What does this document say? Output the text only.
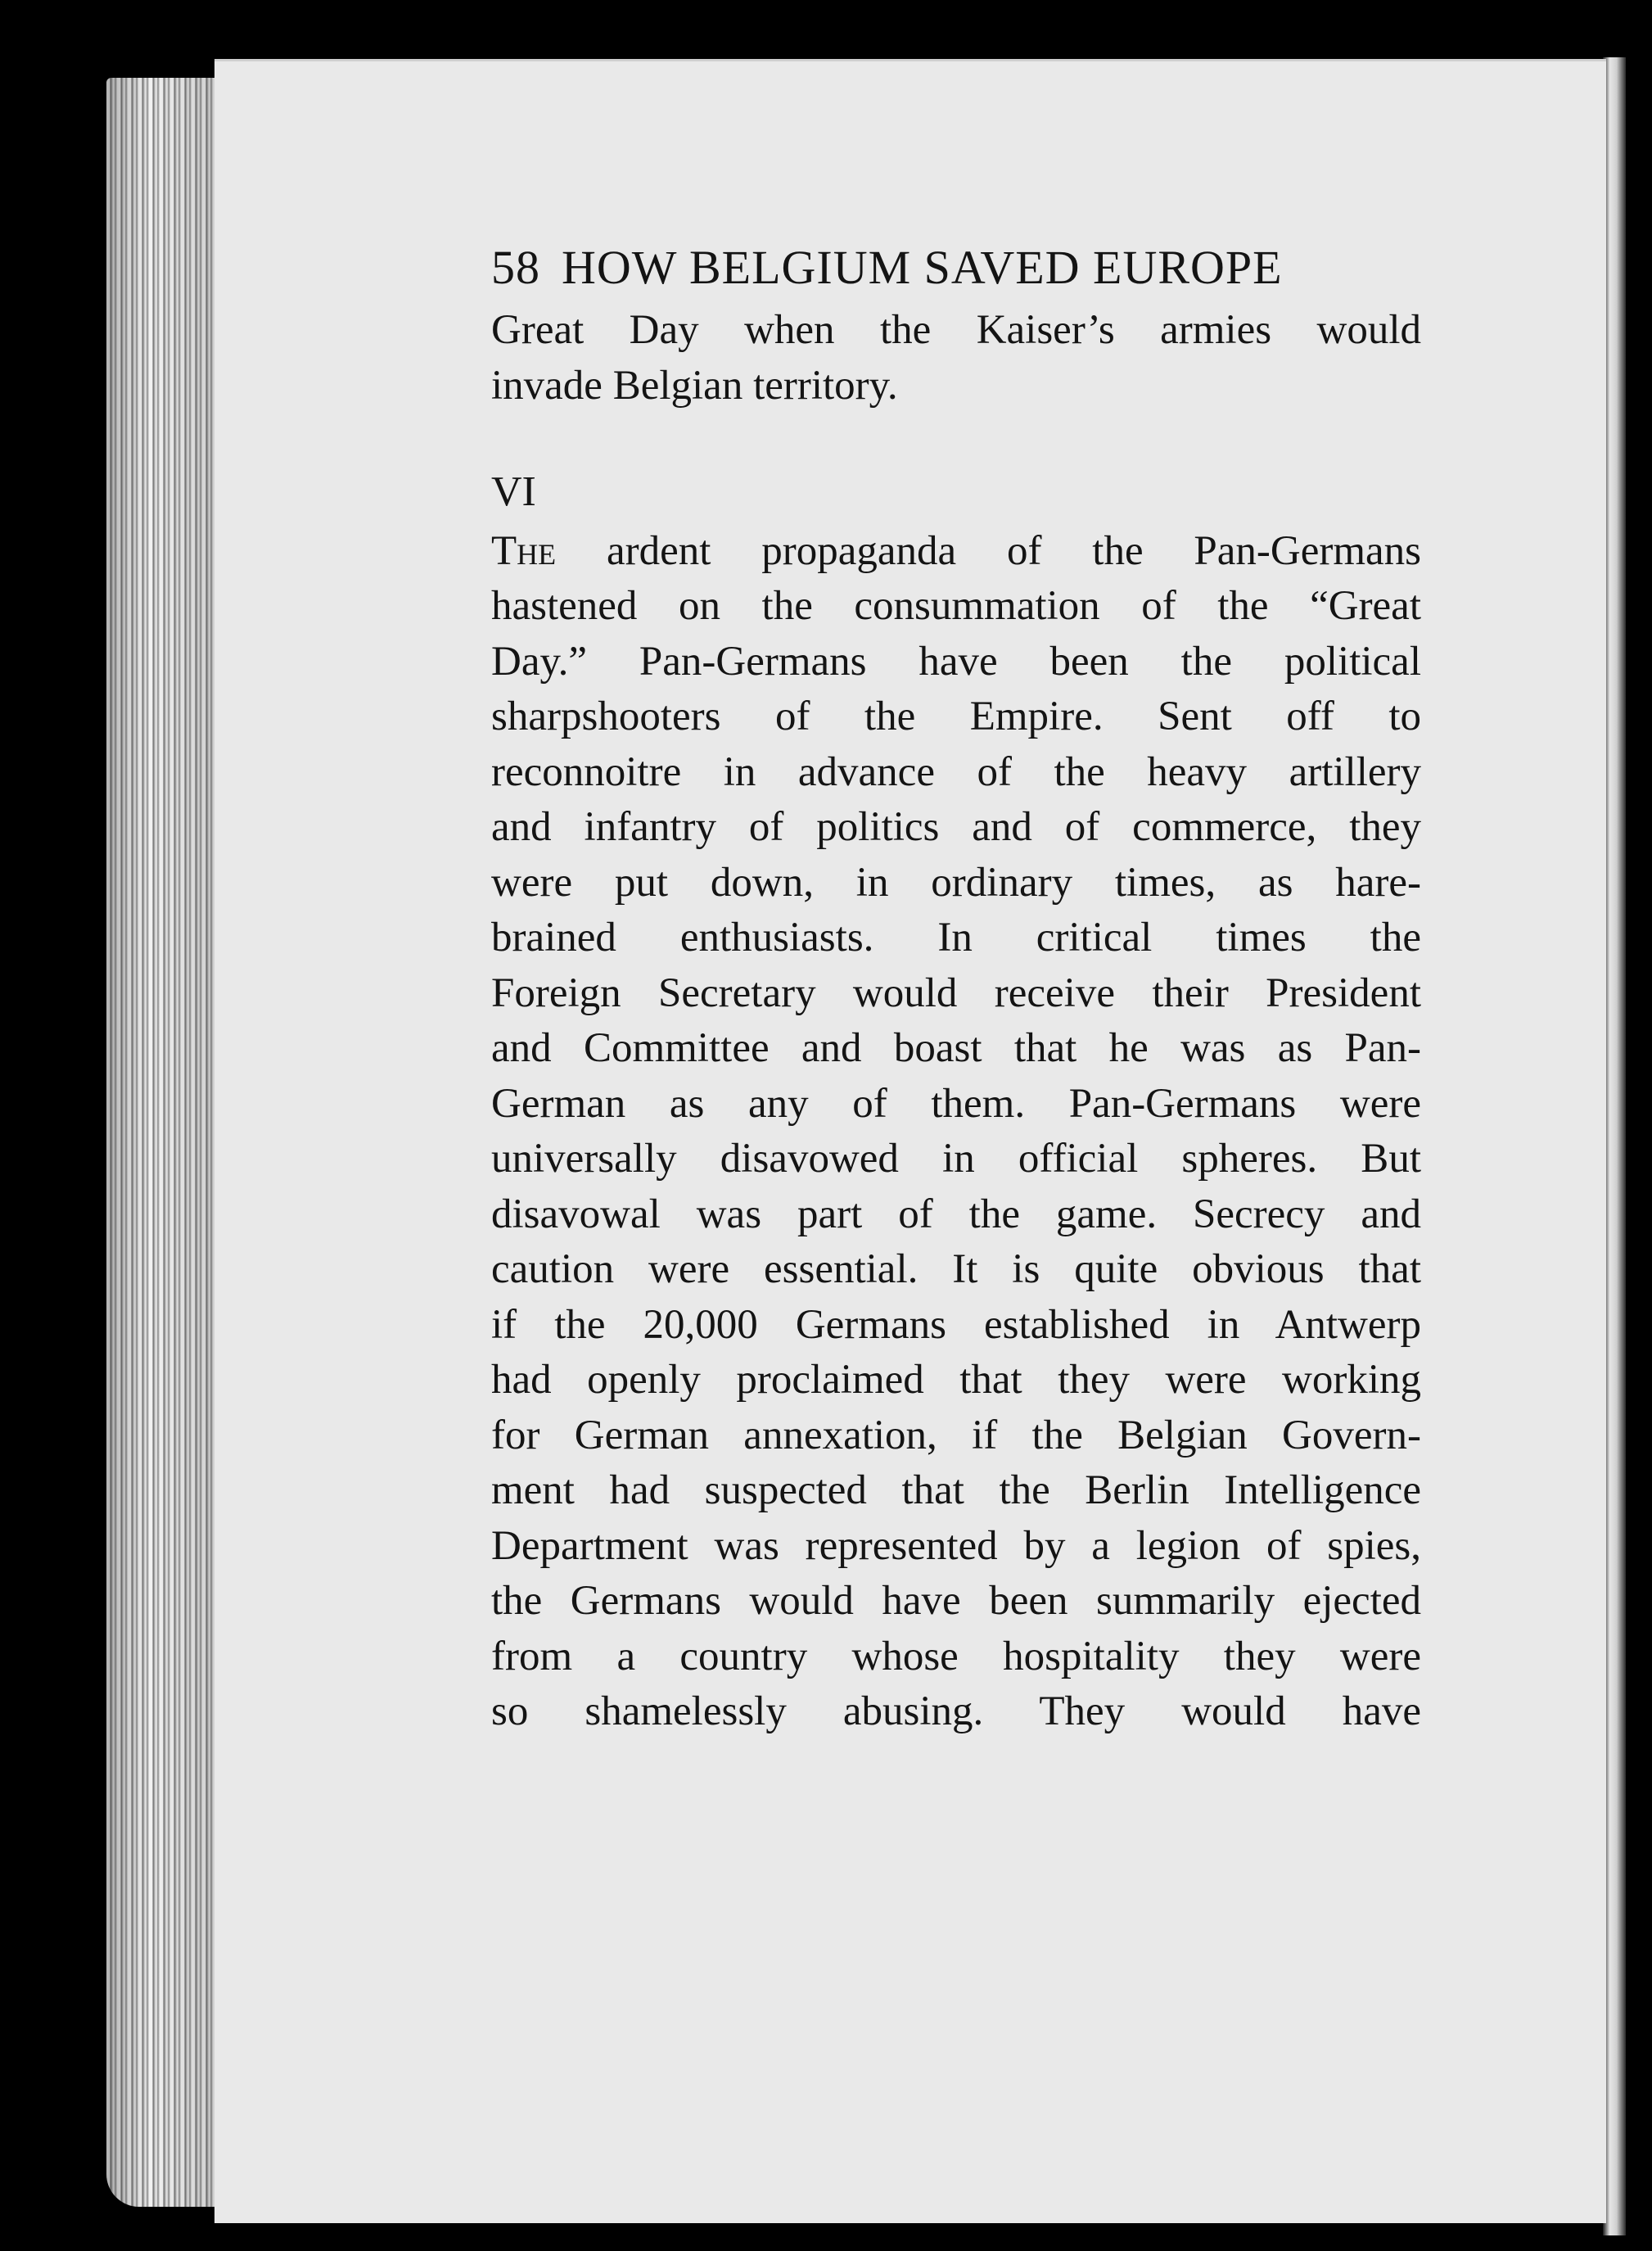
58 HOW BELGIUM SAVED EUROPE
Great Day when the Kaiser’s armies would
invade Belgian territory.
VI
The ardent propaganda of the Pan-Germans
hastened on the consummation of the “Great
Day.” Pan-Germans have been the political
sharpshooters of the Empire. Sent off to
reconnoitre in advance of the heavy artillery
and infantry of politics and of commerce, they
were put down, in ordinary times, as hare-
brained enthusiasts. In critical times the
Foreign Secretary would receive their President
and Committee and boast that he was as Pan-
German as any of them. Pan-Germans were
universally disavowed in official spheres. But
disavowal was part of the game. Secrecy and
caution were essential. It is quite obvious that
if the 20,000 Germans established in Antwerp
had openly proclaimed that they were working
for German annexation, if the Belgian Govern-
ment had suspected that the Berlin Intelligence
Department was represented by a legion of spies,
the Germans would have been summarily ejected
from a country whose hospitality they were
so shamelessly abusing. They would have
